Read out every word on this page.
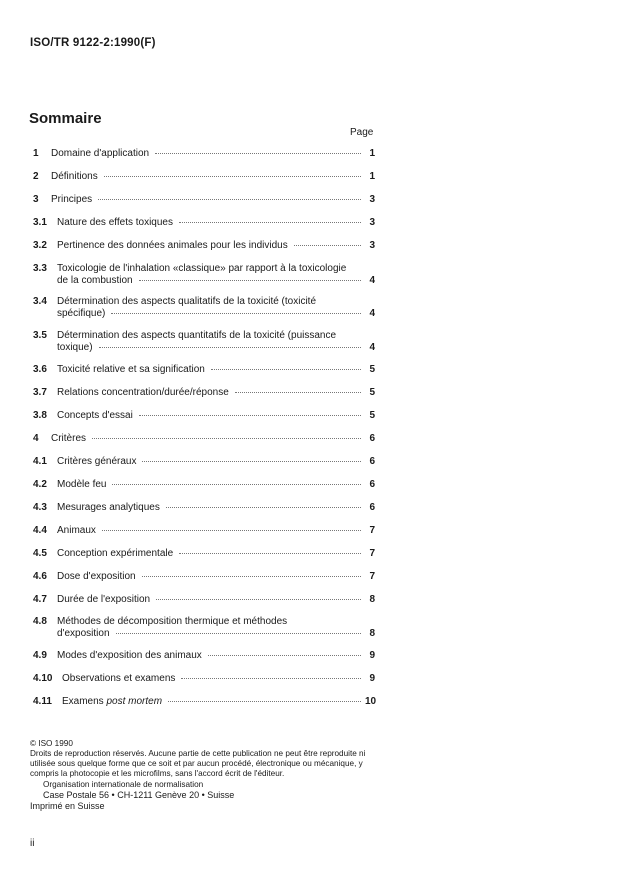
ISO/TR 9122-2:1990(F)
Sommaire
Page
1 Domaine d'application	1
2 Définitions	1
3 Principes	3
3.1 Nature des effets toxiques	3
3.2 Pertinence des données animales pour les individus	3
3.3 Toxicologie de l'inhalation «classique» par rapport à la toxicologie
de la combustion	4
3.4 Détermination des aspects qualitatifs de la toxicité (toxicité
spécifique)	4
3.5 Détermination des aspects quantitatifs de la toxicité (puissance
toxique)	4
3.6 Toxicité relative et sa signification	5
3.7 Relations concentration/durée/réponse	5
3.8 Concepts d'essai	5
4 Critères	6
4.1 Critères généraux	6
4.2 Modèle feu	6
4.3 Mesurages analytiques	6
4.4 Animaux	7
4.5 Conception expérimentale	7
4.6 Dose d'exposition	7
4.7 Durée de l'exposition	8
4.8 Méthodes de décomposition thermique et méthodes
d'exposition	8
4.9 Modes d'exposition des animaux	9
4.10 Observations et examens	9
4.11 Examens post mortem	10
© ISO 1990
Droits de reproduction réservés. Aucune partie de cette publication ne peut être reproduite ni utilisée sous quelque forme que ce soit et par aucun procédé, électronique ou mécanique, y compris la photocopie et les microfilms, sans l'accord écrit de l'éditeur.
Organisation internationale de normalisation
Case Postale 56 • CH-1211 Genève 20 • Suisse
Imprimé en Suisse
ii
